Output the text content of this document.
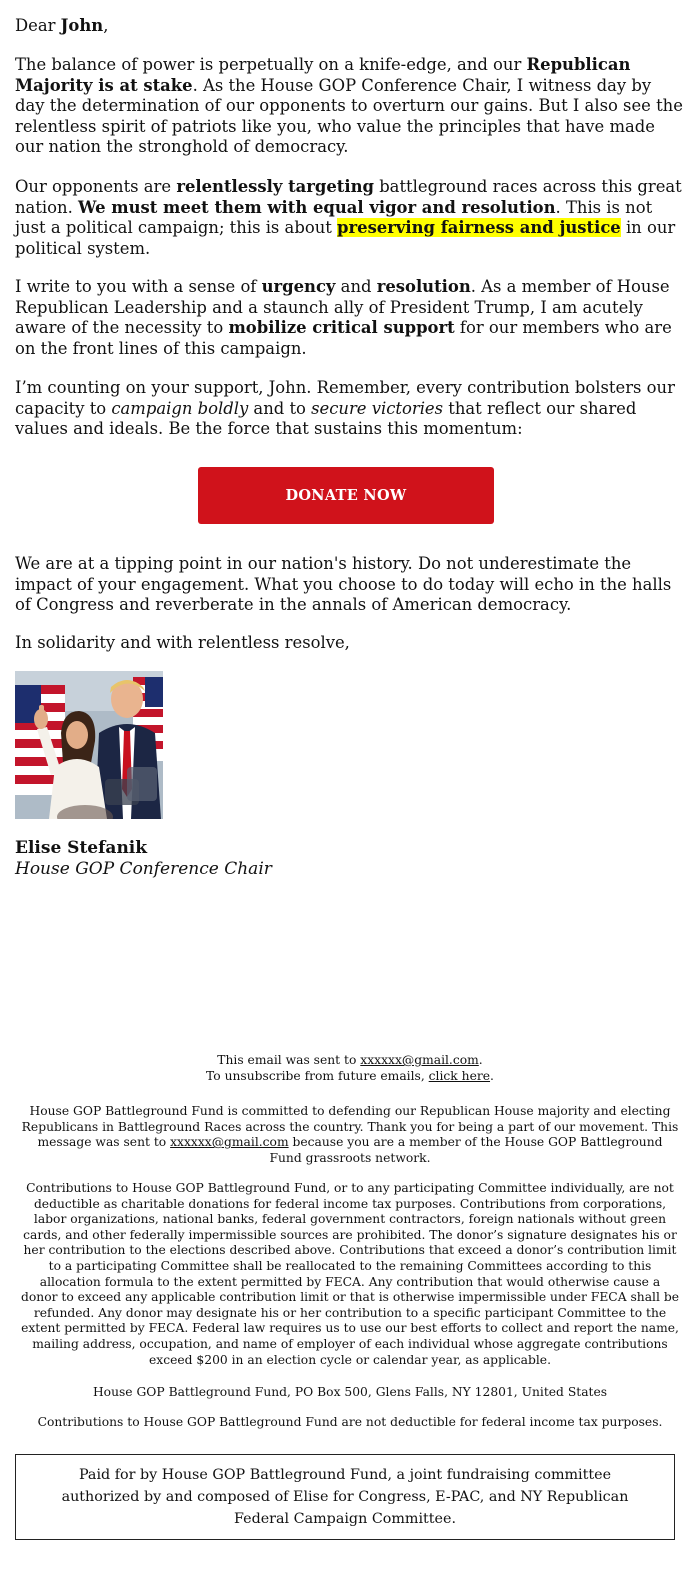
Dear John,

The balance of power is perpetually on a knife-edge, and our Republican Majority is at stake. As the House GOP Conference Chair, I witness day by day the determination of our opponents to overturn our gains. But I also see the relentless spirit of patriots like you, who value the principles that have made our nation the stronghold of democracy.

Our opponents are relentlessly targeting battleground races across this great nation. We must meet them with equal vigor and resolution. This is not just a political campaign; this is about preserving fairness and justice in our political system.

I write to you with a sense of urgency and resolution. As a member of House Republican Leadership and a staunch ally of President Trump, I am acutely aware of the necessity to mobilize critical support for our members who are on the front lines of this campaign.

I’m counting on your support, John. Remember, every contribution bolsters our capacity to campaign boldly and to secure victories that reflect our shared values and ideals. Be the force that sustains this momentum:

We are at a tipping point in our nation's history. Do not underestimate the impact of your engagement. What you choose to do today will echo in the halls of Congress and reverberate in the annals of American democracy.

In solidarity and with relentless resolve,

DONATE NOW
Elise Stefanik
House GOP Conference Chair

This email was sent to xxxxxx@gmail.com.
To unsubscribe from future emails, click here.

House GOP Battleground Fund is committed to defending our Republican House majority and electing Republicans in Battleground Races across the country. Thank you for being a part of our movement. This message was sent to xxxxxx@gmail.com because you are a member of the House GOP Battleground Fund grassroots network.

Contributions to House GOP Battleground Fund, or to any participating Committee individually, are not deductible as charitable donations for federal income tax purposes. Contributions from corporations, labor organizations, national banks, federal government contractors, foreign nationals without green cards, and other federally impermissible sources are prohibited. The donor’s signature designates his or her contribution to the elections described above. Contributions that exceed a donor’s contribution limit to a participating Committee shall be reallocated to the remaining Committees according to this allocation formula to the extent permitted by FECA. Any contribution that would otherwise cause a donor to exceed any applicable contribution limit or that is otherwise impermissible under FECA shall be refunded. Any donor may designate his or her contribution to a specific participant Committee to the extent permitted by FECA. Federal law requires us to use our best efforts to collect and report the name, mailing address, occupation, and name of employer of each individual whose aggregate contributions exceed $200 in an election cycle or calendar year, as applicable.

House GOP Battleground Fund, PO Box 500, Glens Falls, NY 12801, United States

Contributions to House GOP Battleground Fund are not deductible for federal income tax purposes.

Paid for by House GOP Battleground Fund, a joint fundraising committee authorized by and composed of Elise for Congress, E-PAC, and NY Republican Federal Campaign Committee.
